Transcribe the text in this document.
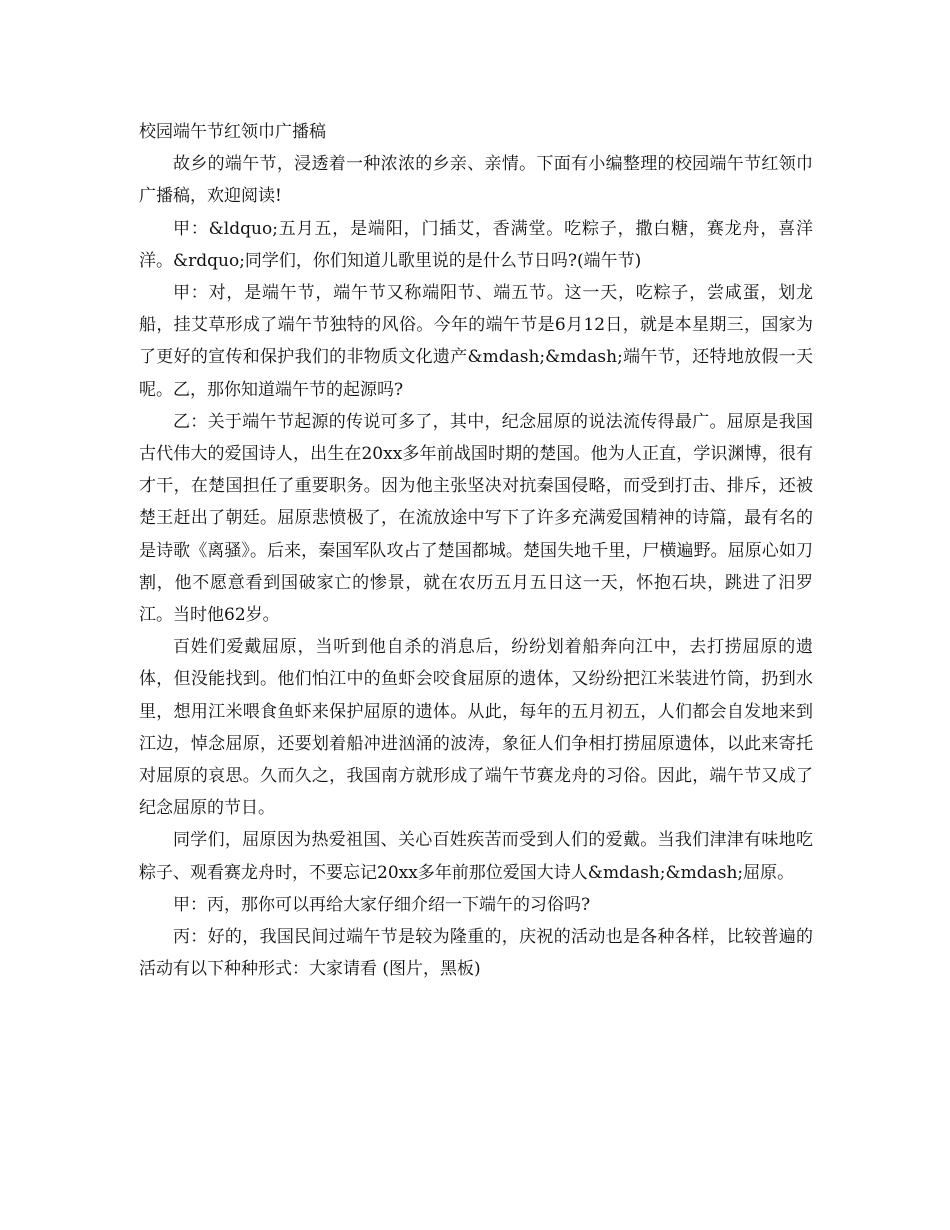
校园端午节红领巾广播稿

故乡的端午节，浸透着一种浓浓的乡亲、亲情。下面有小编整理的校园端午节红领巾广播稿，欢迎阅读!

甲：&ldquo;五月五，是端阳，门插艾，香满堂。吃粽子，撒白糖，赛龙舟，喜洋洋。&rdquo;同学们，你们知道儿歌里说的是什么节日吗?(端午节)

甲：对，是端午节，端午节又称端阳节、端五节。这一天，吃粽子，尝咸蛋，划龙船，挂艾草形成了端午节独特的风俗。今年的端午节是6月12日，就是本星期三，国家为了更好的宣传和保护我们的非物质文化遗产&mdash;&mdash;端午节，还特地放假一天呢。乙，那你知道端午节的起源吗?

乙：关于端午节起源的传说可多了，其中，纪念屈原的说法流传得最广。屈原是我国古代伟大的爱国诗人，出生在20xx多年前战国时期的楚国。他为人正直，学识渊博，很有才干，在楚国担任了重要职务。因为他主张坚决对抗秦国侵略，而受到打击、排斥，还被楚王赶出了朝廷。屈原悲愤极了，在流放途中写下了许多充满爱国精神的诗篇，最有名的是诗歌《离骚》。后来，秦国军队攻占了楚国都城。楚国失地千里，尸横遍野。屈原心如刀割，他不愿意看到国破家亡的惨景，就在农历五月五日这一天，怀抱石块，跳进了汨罗江。当时他62岁。

百姓们爱戴屈原，当听到他自杀的消息后，纷纷划着船奔向江中，去打捞屈原的遗体，但没能找到。他们怕江中的鱼虾会咬食屈原的遗体，又纷纷把江米装进竹筒，扔到水里，想用江米喂食鱼虾来保护屈原的遗体。从此，每年的五月初五，人们都会自发地来到江边，悼念屈原，还要划着船冲进汹涌的波涛，象征人们争相打捞屈原遗体，以此来寄托对屈原的哀思。久而久之，我国南方就形成了端午节赛龙舟的习俗。因此，端午节又成了纪念屈原的节日。

同学们，屈原因为热爱祖国、关心百姓疾苦而受到人们的爱戴。当我们津津有味地吃粽子、观看赛龙舟时，不要忘记20xx多年前那位爱国大诗人&mdash;&mdash;屈原。

甲：丙，那你可以再给大家仔细介绍一下端午的习俗吗?

丙：好的，我国民间过端午节是较为隆重的，庆祝的活动也是各种各样，比较普遍的活动有以下种种形式：大家请看 (图片，黑板)
